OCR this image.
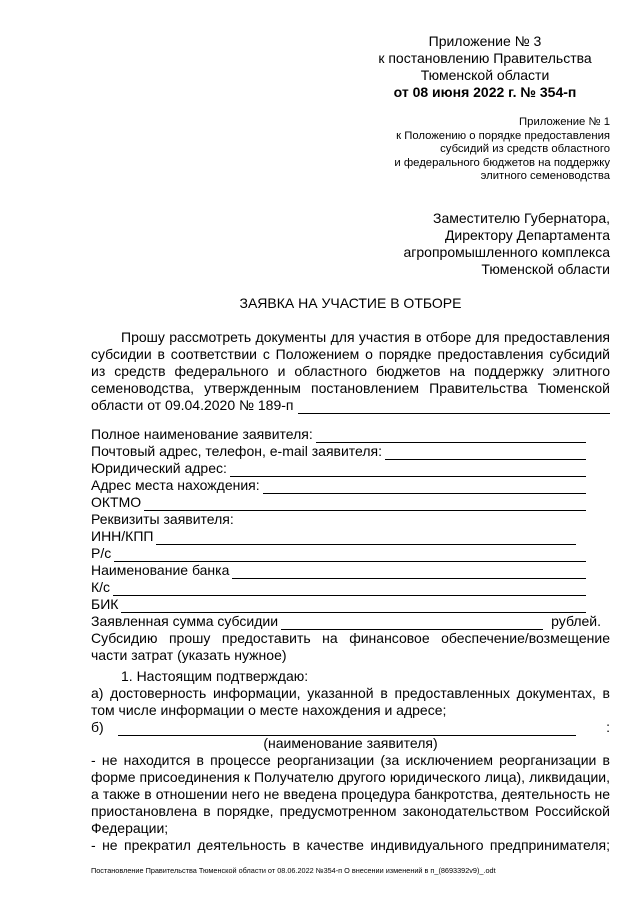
Приложение № 3
к постановлению Правительства
Тюменской области
от 08 июня 2022 г. № 354-п
Приложение № 1
к Положению о порядке предоставления
субсидий из средств областного
и федерального бюджетов на поддержку
элитного семеноводства
Заместителю Губернатора,
Директору Департамента
агропромышленного комплекса
Тюменской области
ЗАЯВКА НА УЧАСТИЕ В ОТБОРЕ
Прошу рассмотреть документы для участия в отборе для предоставления
субсидии в соответствии с Положением о порядке предоставления субсидий
из средств федерального и областного бюджетов на поддержку элитного
семеноводства, утвержденным постановлением Правительства Тюменской
области от 09.04.2020 № 189-п
Полное наименование заявителя:
Почтовый адрес, телефон, e-mail заявителя:
Юридический адрес:
Адрес места нахождения:
ОКТМО
Реквизиты заявителя:
ИНН/КПП
Р/с
Наименование банка
К/с
БИК
Заявленная сумма субсидии	рублей.
Субсидию прошу предоставить на финансовое обеспечение/возмещение
части затрат (указать нужное)
1. Настоящим подтверждаю:
а) достоверность информации, указанной в предоставленных документах, в
том числе информации о месте нахождения и адресе;
б)	:
(наименование заявителя)
- не находится в процессе реорганизации (за исключением реорганизации в
форме присоединения к Получателю другого юридического лица), ликвидации,
а также в отношении него не введена процедура банкротства, деятельность не
приостановлена в порядке, предусмотренном законодательством Российской
Федерации;
- не прекратил деятельность в качестве индивидуального предпринимателя;
Постановление Правительства Тюменской области от 08.06.2022 №354-п О внесении изменений в п_(8693392v9)_.odt
